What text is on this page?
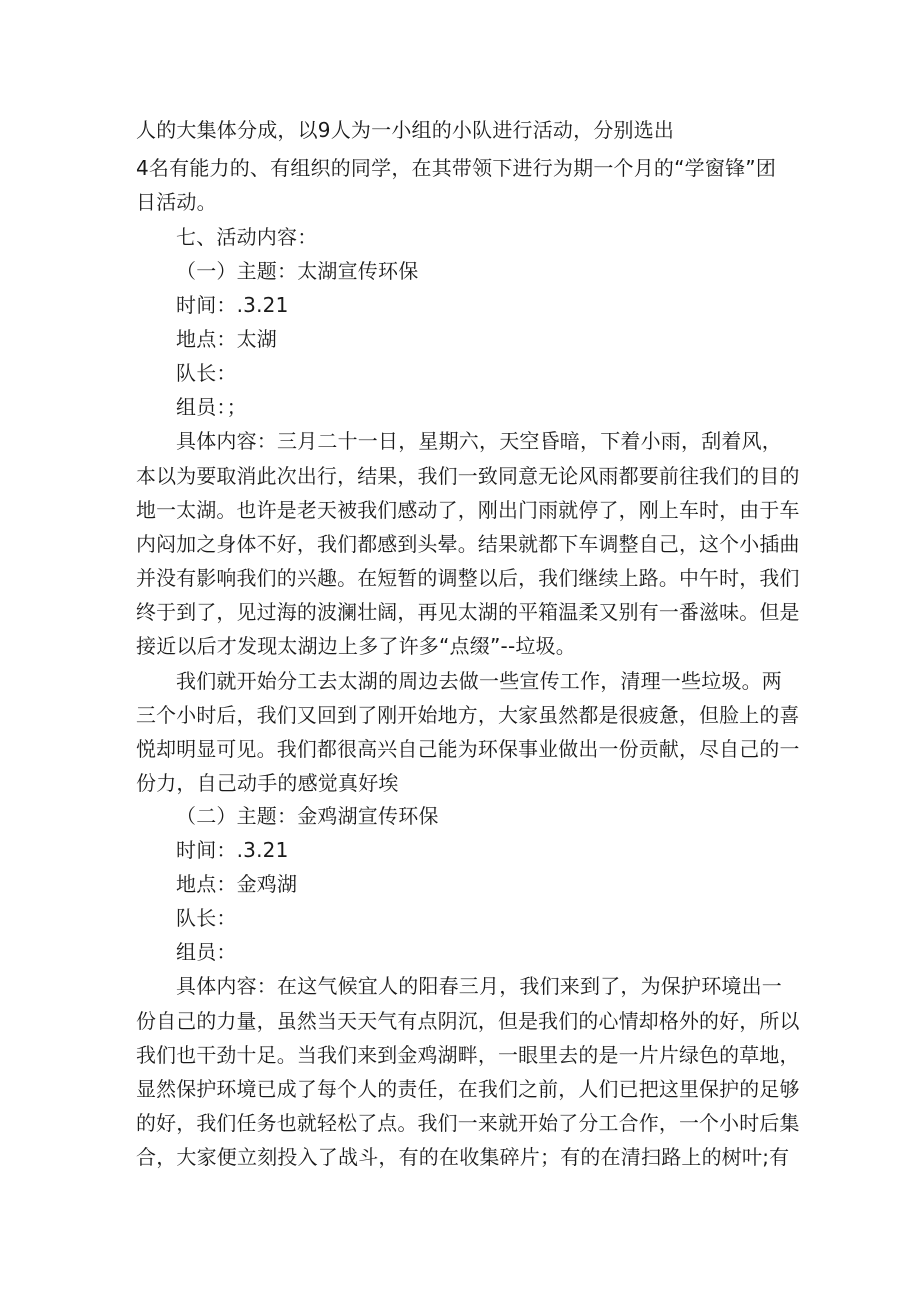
人的大集体分成，以9人为一小组的小队进行活动，分别选出
4名有能力的、有组织的同学，在其带领下进行为期一个月的“学窗锋”团
日活动。
七、活动内容：
（一）主题：太湖宣传环保
时间：.3.21
地点：太湖
队长：
组员：；
具体内容：三月二十一日，星期六，天空昏暗，下着小雨，刮着风，
本以为要取消此次出行，结果，我们一致同意无论风雨都要前往我们的目的
地一太湖。也许是老天被我们感动了，刚出门雨就停了，刚上车时，由于车
内闷加之身体不好，我们都感到头晕。结果就都下车调整自己，这个小插曲
并没有影响我们的兴趣。在短暂的调整以后，我们继续上路。中午时，我们
终于到了，见过海的波澜壮阔，再见太湖的平箱温柔又别有一番滋味。但是
接近以后才发现太湖边上多了许多“点缀”--垃圾。
我们就开始分工去太湖的周边去做一些宣传工作，清理一些垃圾。两
三个小时后，我们又回到了刚开始地方，大家虽然都是很疲惫，但脸上的喜
悦却明显可见。我们都很高兴自己能为环保事业做出一份贡献，尽自己的一
份力，自己动手的感觉真好埃
（二）主题：金鸡湖宣传环保
时间：.3.21
地点：金鸡湖
队长：
组员：
具体内容：在这气候宜人的阳春三月，我们来到了，为保护环境出一
份自己的力量，虽然当天天气有点阴沉，但是我们的心情却格外的好，所以
我们也干劲十足。当我们来到金鸡湖畔，一眼里去的是一片片绿色的草地，
显然保护环境已成了每个人的责任，在我们之前，人们已把这里保护的足够
的好，我们任务也就轻松了点。我们一来就开始了分工合作，一个小时后集
合，大家便立刻投入了战斗，有的在收集碎片；有的在清扫路上的树叶;有
